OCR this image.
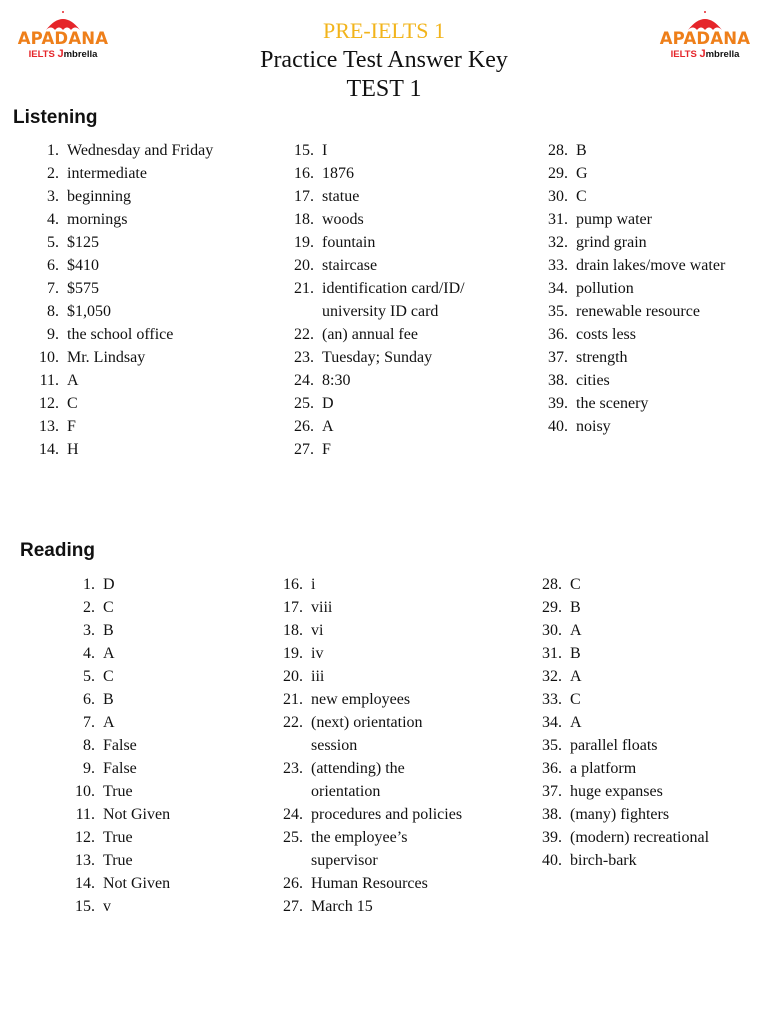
APADANA
IELTS Jmbrella
APADANA
IELTS Jmbrella
PRE-IELTS 1
Practice Test Answer Key
TEST 1
Listening
1. Wednesday and Friday
2. intermediate
3. beginning
4. mornings
5. $125
6. $410
7. $575
8. $1,050
9. the school office
10. Mr. Lindsay
11. A
12. C
13. F
14. H
15. I
16. 1876
17. statue
18. woods
19. fountain
20. staircase
21. identification card/ID/
university ID card
22. (an) annual fee
23. Tuesday; Sunday
24. 8:30
25. D
26. A
27. F
28. B
29. G
30. C
31. pump water
32. grind grain
33. drain lakes/move water
34. pollution
35. renewable resource
36. costs less
37. strength
38. cities
39. the scenery
40. noisy
Reading
1. D
2. C
3. B
4. A
5. C
6. B
7. A
8. False
9. False
10. True
11. Not Given
12. True
13. True
14. Not Given
15. v
16. i
17. viii
18. vi
19. iv
20. iii
21. new employees
22. (next) orientation
session
23. (attending) the
orientation
24. procedures and policies
25. the employee’s
supervisor
26. Human Resources
27. March 15
28. C
29. B
30. A
31. B
32. A
33. C
34. A
35. parallel floats
36. a platform
37. huge expanses
38. (many) fighters
39. (modern) recreational
40. birch-bark
